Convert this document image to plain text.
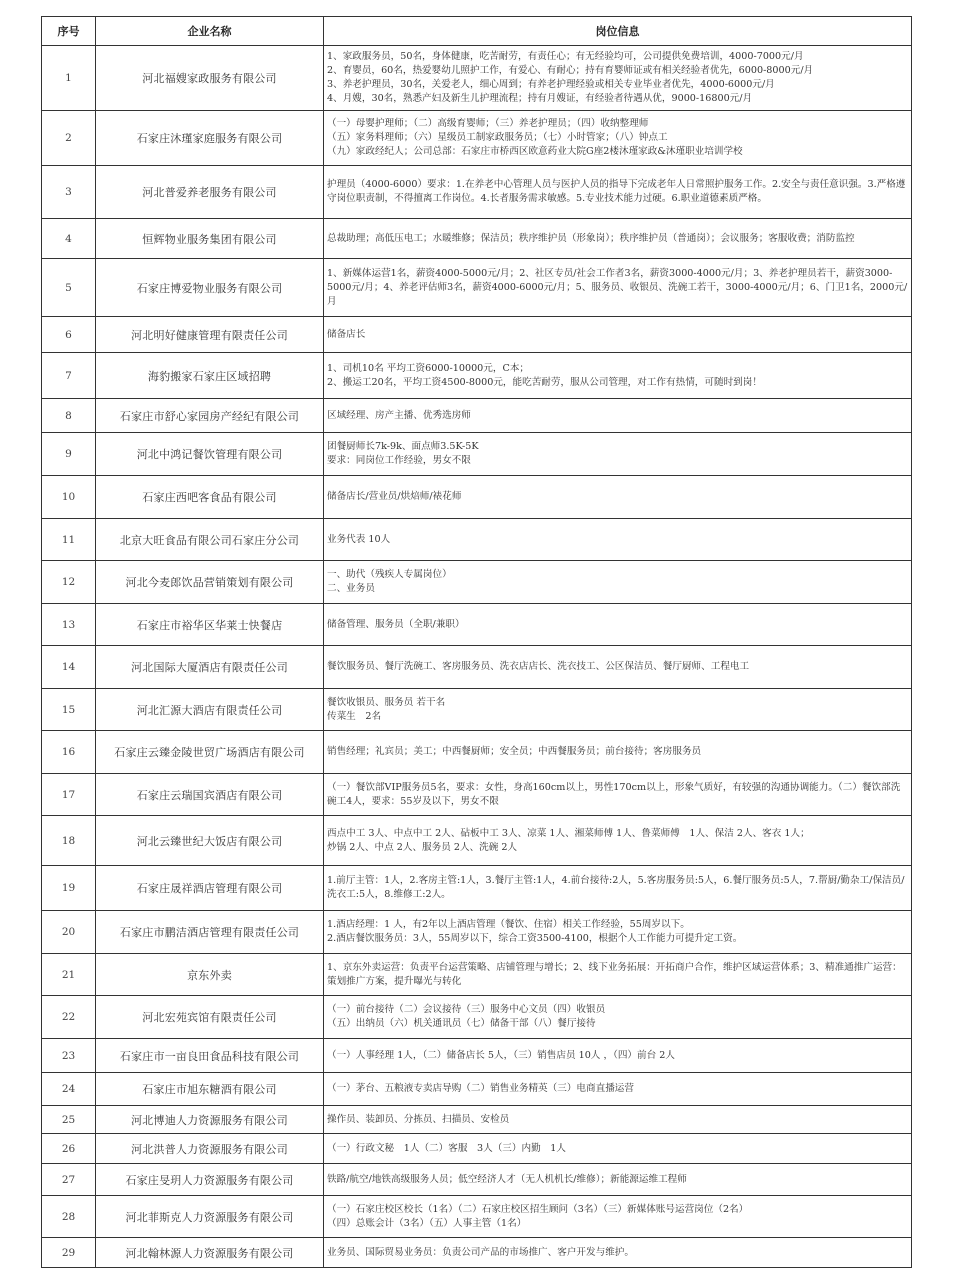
序号	企业名称	岗位信息
1	河北福嫂家政服务有限公司	1、家政服务员，50名，身体健康，吃苦耐劳，有责任心；有无经验均可，公司提供免费培训，4000-7000元/月
2、育婴员，60名，热爱婴幼儿照护工作，有爱心、有耐心；持有育婴师证或有相关经验者优先，6000-8000元/月
3、养老护理员，30名，关爱老人，细心周到；有养老护理经验或相关专业毕业者优先，4000-6000元/月
4、月嫂，30名，熟悉产妇及新生儿护理流程；持有月嫂证，有经验者待遇从优，9000-16800元/月

2	石家庄沐瑾家庭服务有限公司	（一）母婴护理师；（二）高级育婴师；（三）养老护理员；（四）收纳整理师
（五）家务料理师；（六）星级员工制家政服务员；（七）小时管家；（八）钟点工
（九）家政经纪人；公司总部：石家庄市桥西区欧意药业大院G座2楼沐瑾家政&沐瑾职业培训学校

3	河北普爱养老服务有限公司	护理员（4000-6000）要求：1.在养老中心管理人员与医护人员的指导下完成老年人日常照护服务工作。2.安全与责任意识强。3.严格遵守岗位职责制，不得擅离工作岗位。4.长者服务需求敏感。5.专业技术能力过硬。6.职业道德素质严格。

4	恒辉物业服务集团有限公司	总裁助理；高低压电工；水暖维修；保洁员；秩序维护员（形象岗）；秩序维护员（普通岗）；会议服务；客服收费；消防监控

5	石家庄博爱物业服务有限公司	1、新媒体运营1名，薪资4000-5000元/月；2、社区专员/社会工作者3名，薪资3000-4000元/月；3、养老护理员若干，薪资3000-5000元/月；4、养老评估师3名，薪资4000-6000元/月；5、服务员、收银员、洗碗工若干，3000-4000元/月；6、门卫1名，2000元/月

6	河北明好健康管理有限责任公司	储备店长

7	海豹搬家石家庄区域招聘	1、司机10名 平均工资6000-10000元，C本；
2、搬运工20名，平均工资4500-8000元，能吃苦耐劳，服从公司管理，对工作有热情，可随时到岗！

8	石家庄市舒心家园房产经纪有限公司	区域经理、房产主播、优秀选房师

9	河北中鸿记餐饮管理有限公司	团餐厨师长7k-9k、面点师3.5K-5K
要求：同岗位工作经验，男女不限

10	石家庄西吧客食品有限公司	储备店长/营业员/烘焙师/裱花师

11	北京大旺食品有限公司石家庄分公司	业务代表 10人

12	河北今麦郎饮品营销策划有限公司	一、助代（残疾人专属岗位）
二、业务员

13	石家庄市裕华区华莱士快餐店	储备管理、服务员（全职/兼职）

14	河北国际大厦酒店有限责任公司	餐饮服务员、餐厅洗碗工、客房服务员、洗衣店店长、洗衣技工、公区保洁员、餐厅厨师、工程电工

15	河北汇源大酒店有限责任公司	餐饮收银员、服务员 若干名
传菜生　2名

16	石家庄云臻金陵世贸广场酒店有限公司	销售经理；礼宾员；美工；中西餐厨师；安全员；中西餐服务员；前台接待；客房服务员

17	石家庄云瑞国宾酒店有限公司	（一）餐饮部VIP服务员5名，要求：女性，身高160cm以上，男性170cm以上，形象气质好，有较强的沟通协调能力。（二）餐饮部洗碗工4人，要求：55岁及以下，男女不限

18	河北云臻世纪大饭店有限公司	西点中工 3人、中点中工 2人、砧板中工 3人、凉菜 1人、湘菜师傅 1人、鲁菜师傅　1人、保洁 2人、客衣 1人；
炒锅 2人、中点 2人、服务员 2人、洗碗 2人

19	石家庄晟祥酒店管理有限公司	1.前厅主管：1人，2.客房主管:1人，3.餐厅主管:1人，4.前台接待:2人，5.客房服务员:5人，6.餐厅服务员:5人，7.帮厨/勤杂工/保洁员/洗衣工:5人，8.维修工:2人。

20	石家庄市鹏洁酒店管理有限责任公司	1.酒店经理：1 人，有2年以上酒店管理（餐饮、住宿）相关工作经验，55周岁以下。
2.酒店餐饮服务员：3人，55周岁以下，综合工资3500-4100，根据个人工作能力可提升定工资。

21	京东外卖	1、京东外卖运营：负责平台运营策略、店铺管理与增长；2、线下业务拓展：开拓商户合作，维护区域运营体系；3、精准通推广运营：策划推广方案，提升曝光与转化

22	河北宏苑宾馆有限责任公司	（一）前台接待（二）会议接待（三）服务中心文员（四）收银员
（五）出纳员（六）机关通讯员（七）储备干部（八）餐厅接待

23	石家庄市一亩良田食品科技有限公司	（一）人事经理 1人，（二）储备店长 5人，（三）销售店员 10人 ，（四）前台 2人

24	石家庄市旭东糖酒有限公司	（一）茅台、五粮液专卖店导购（二）销售业务精英（三）电商直播运营

25	河北博迪人力资源服务有限公司	操作员、装卸员、分拣员、扫描员、安检员

26	河北洪普人力资源服务有限公司	（一）行政文秘　1人（二）客服　3人（三）内勤　1人

27	石家庄旻玥人力资源服务有限公司	铁路/航空/地铁高级服务人员；低空经济人才（无人机机长/维修）；新能源运维工程师

28	河北菲斯克人力资源服务有限公司	（一）石家庄校区校长（1名）（二）石家庄校区招生顾问（3名）（三）新媒体账号运营岗位（2名）
（四）总账会计（3名）（五）人事主管（1名）

29	河北翰林源人力资源服务有限公司	业务员、国际贸易业务员：负责公司产品的市场推广、客户开发与维护。
